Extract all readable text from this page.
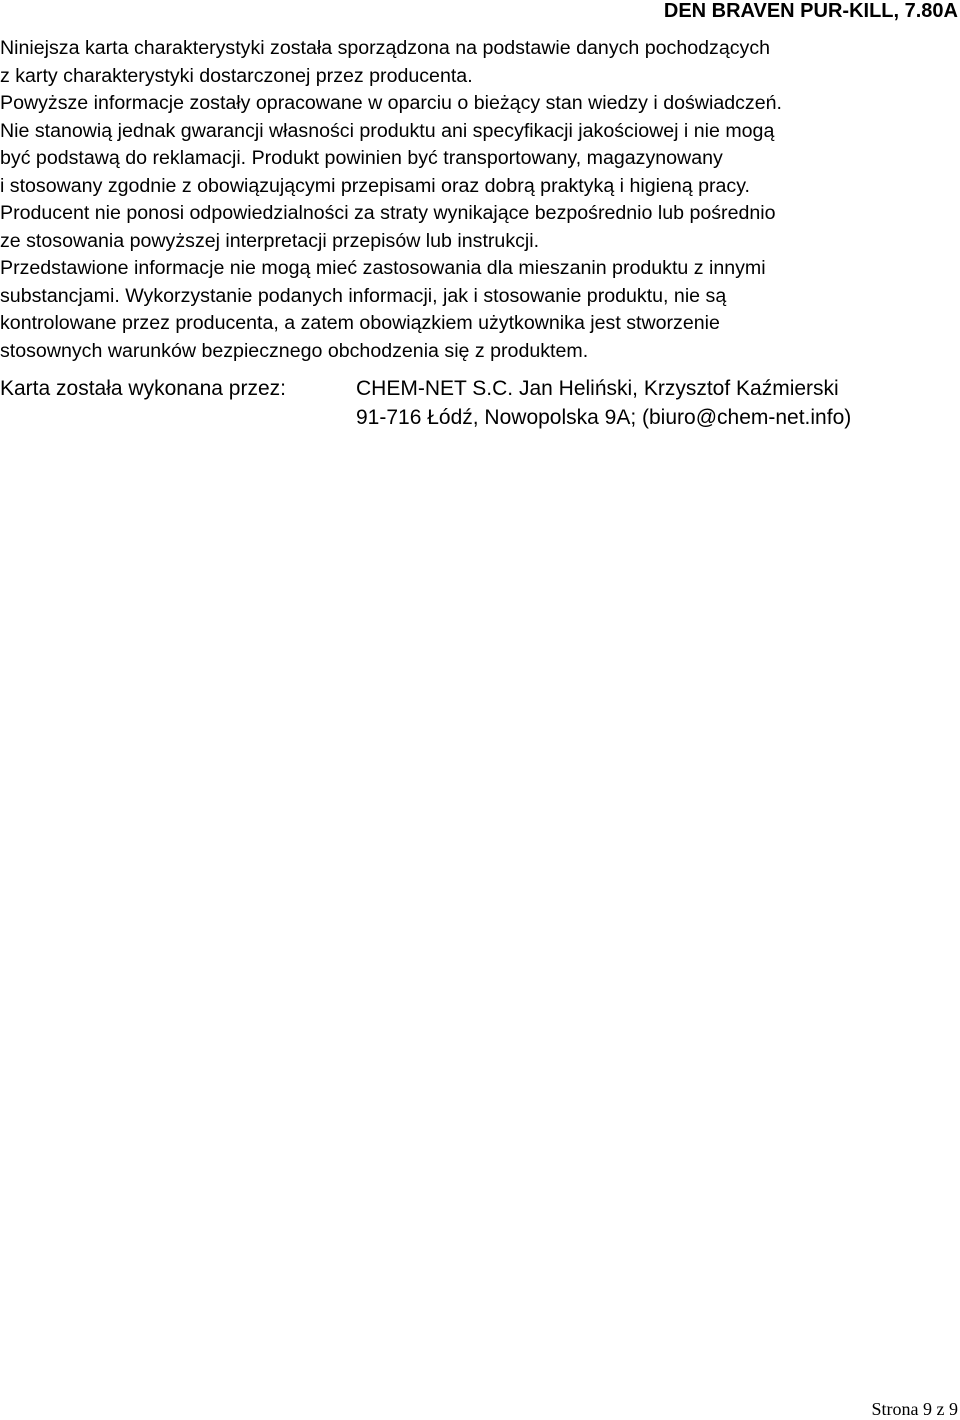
DEN BRAVEN PUR-KILL, 7.80A
Niniejsza karta charakterystyki została sporządzona na podstawie danych pochodzących
z karty charakterystyki dostarczonej przez producenta.
Powyższe informacje zostały opracowane w oparciu o bieżący stan wiedzy i doświadczeń.
Nie stanowią jednak gwarancji własności produktu ani specyfikacji jakościowej i nie mogą
być podstawą do reklamacji. Produkt powinien być transportowany, magazynowany
i stosowany zgodnie z obowiązującymi przepisami oraz dobrą praktyką i higieną pracy.
Producent nie ponosi odpowiedzialności za straty wynikające bezpośrednio lub pośrednio
ze stosowania powyższej interpretacji przepisów lub instrukcji.
Przedstawione informacje nie mogą mieć zastosowania dla mieszanin produktu z innymi
substancjami. Wykorzystanie podanych informacji, jak i stosowanie produktu, nie są
kontrolowane przez producenta, a zatem obowiązkiem użytkownika jest stworzenie
stosownych warunków bezpiecznego obchodzenia się z produktem.
Karta została wykonana przez:	CHEM-NET S.C. Jan Heliński, Krzysztof Kaźmierski
91-716 Łódź, Nowopolska 9A; (biuro@chem-net.info)
Strona 9 z 9
